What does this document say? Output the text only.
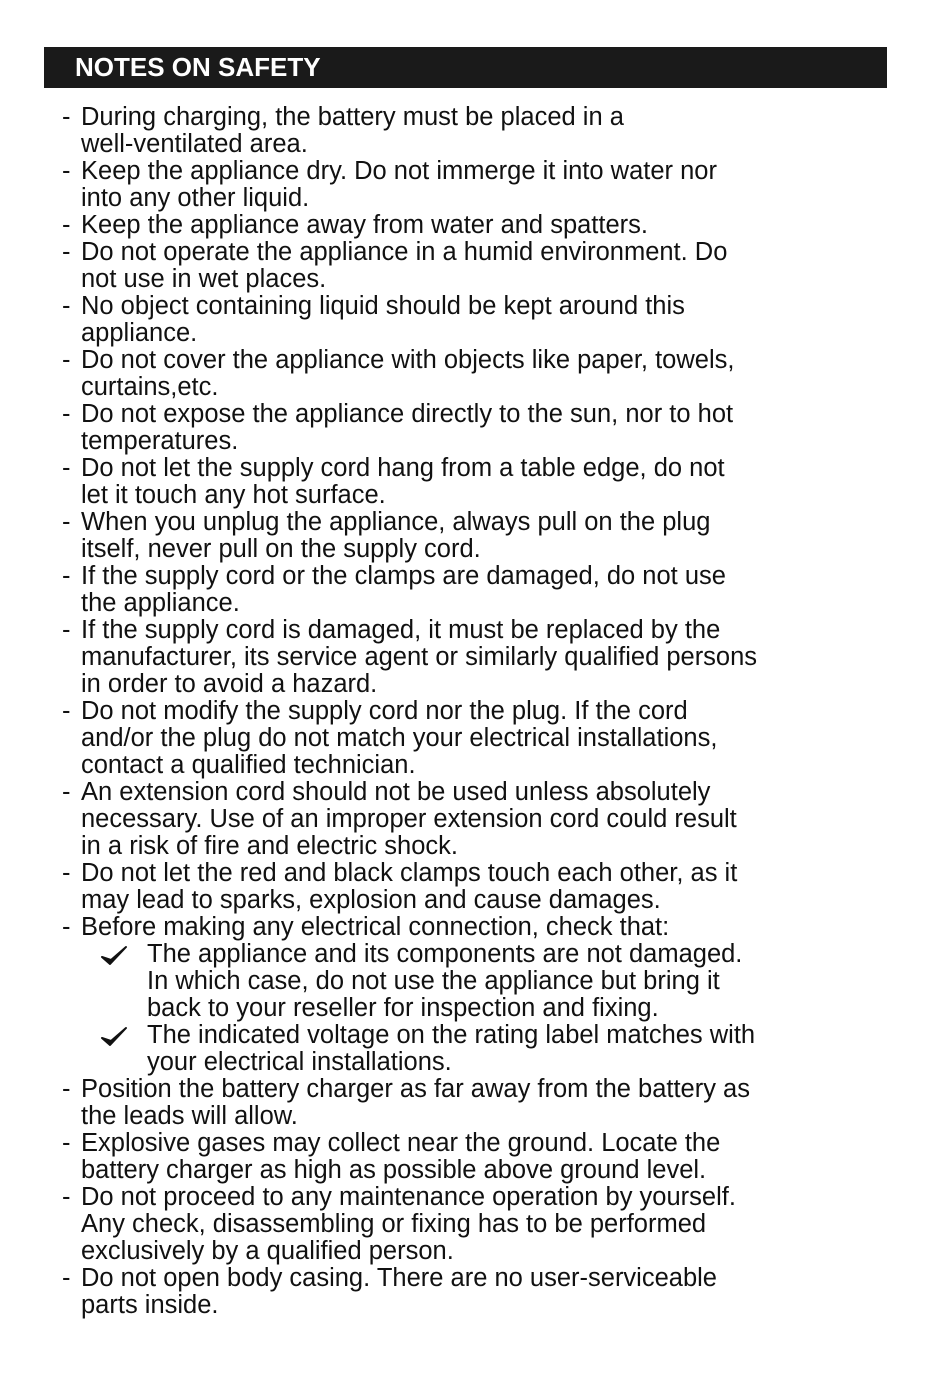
NOTES ON SAFETY
- During charging, the battery must be placed in a
well-ventilated area.
- Keep the appliance dry. Do not immerge it into water nor
into any other liquid.
- Keep the appliance away from water and spatters.
- Do not operate the appliance in a humid environment. Do
not use in wet places.
- No object containing liquid should be kept around this
appliance.
- Do not cover the appliance with objects like paper, towels,
curtains,etc.
- Do not expose the appliance directly to the sun, nor to hot
temperatures.
- Do not let the supply cord hang from a table edge, do not
let it touch any hot surface.
- When you unplug the appliance, always pull on the plug
itself, never pull on the supply cord.
- If the supply cord or the clamps are damaged, do not use
the appliance.
- If the supply cord is damaged, it must be replaced by the
manufacturer, its service agent or similarly qualified persons
in order to avoid a hazard.
- Do not modify the supply cord nor the plug. If the cord
and/or the plug do not match your electrical installations,
contact a qualified technician.
- An extension cord should not be used unless absolutely
necessary. Use of an improper extension cord could result
in a risk of fire and electric shock.
- Do not let the red and black clamps touch each other, as it
may lead to sparks, explosion and cause damages.
- Before making any electrical connection, check that:
The appliance and its components are not damaged.
In which case, do not use the appliance but bring it
back to your reseller for inspection and fixing.
The indicated voltage on the rating label matches with
your electrical installations.
- Position the battery charger as far away from the battery as
the leads will allow.
- Explosive gases may collect near the ground. Locate the
battery charger as high as possible above ground level.
- Do not proceed to any maintenance operation by yourself.
Any check, disassembling or fixing has to be performed
exclusively by a qualified person.
- Do not open body casing. There are no user-serviceable
parts inside.
